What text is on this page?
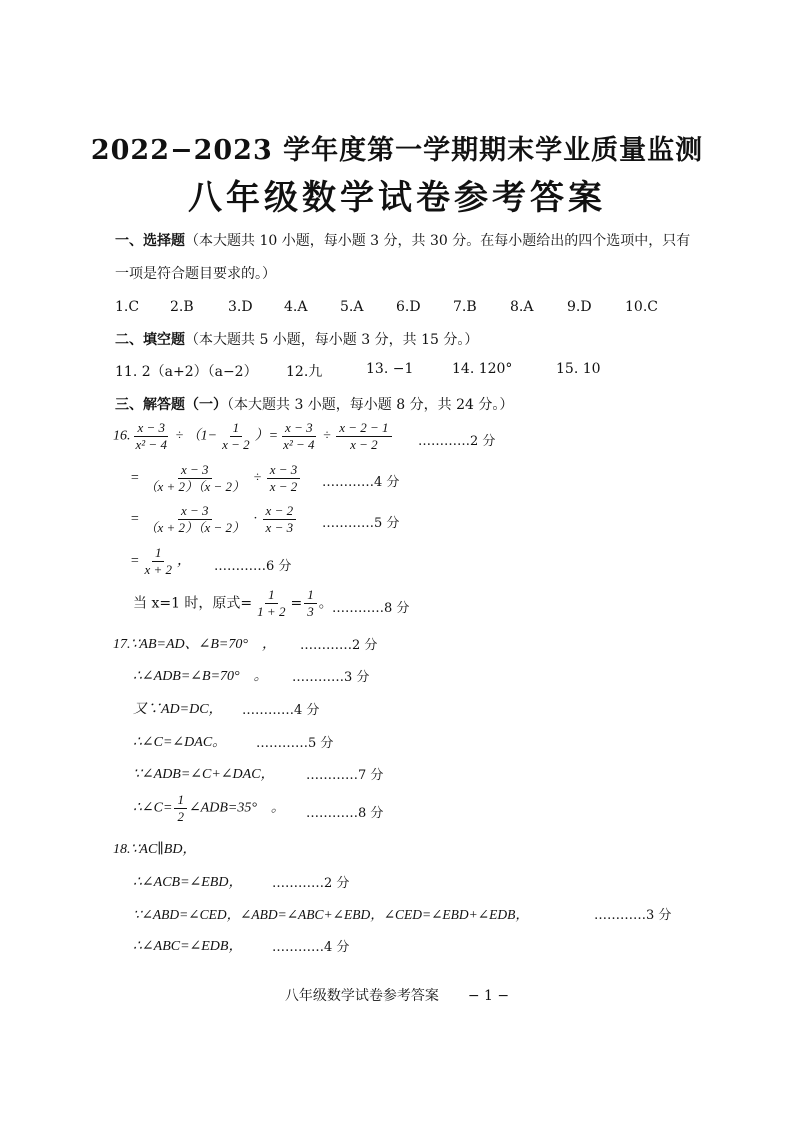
2022−2023 学年度第一学期期末学业质量监测
八年级数学试卷参考答案
一、选择题（本大题共 10 小题，每小题 3 分，共 30 分。在每小题给出的四个选项中，只有
一项是符合题目要求的。）
1.C 2.B 3.D 4.A 5.A 6.D 7.B 8.A 9.D 10.C
二、填空题（本大题共 5 小题，每小题 3 分，共 15 分。）
11. 2（a+2）（a−2） 12.九	13. −1	14. 120°	15. 10
三、解答题（一）（本大题共 3 小题，每小题 8 分，共 24 分。）
16. $\frac{x - 3}{\text{x² − 4}} \div (1- \frac{1}{x - 2}$ ）= $\frac{x - 3}{\text{x² − 4}} \div \frac{x - 2 - 1}{x - 2}$ …………2 分
= $\frac{x - 3}{(x + 2)(x - 2)} \div \frac{x - 3}{x - 2}$ …………4 分
= $\frac{x - 3}{(x + 2)(x - 2)} \cdot \frac{x - 2}{x - 3}$ …………5 分
= $\frac{1}{x + 2}$ ， …………6 分
当 x=1 时，原式= $\frac{1}{1 + 2} = \frac{1}{3}$ 。 …………8 分
17.∵AB=AD、∠B=70°　， …………2 分
∴∠ADB=∠B=70°　。 …………3 分
又∵AD=DC， …………4 分
∴∠C=∠DAC。 …………5 分
∵∠ADB=∠C+∠DAC， …………7 分
∴∠C= $\frac{1}{2}$ ∠ADB=35°　。 …………8 分
18.∵AC∥BD，
∴∠ACB=∠EBD， …………2 分
∵∠ABD=∠CED，∠ABD=∠ABC+∠EBD，∠CED=∠EBD+∠EDB，	…………3 分
∴∠ABC=∠EDB， …………4 分
八年级数学试卷参考答案 − 1 −
